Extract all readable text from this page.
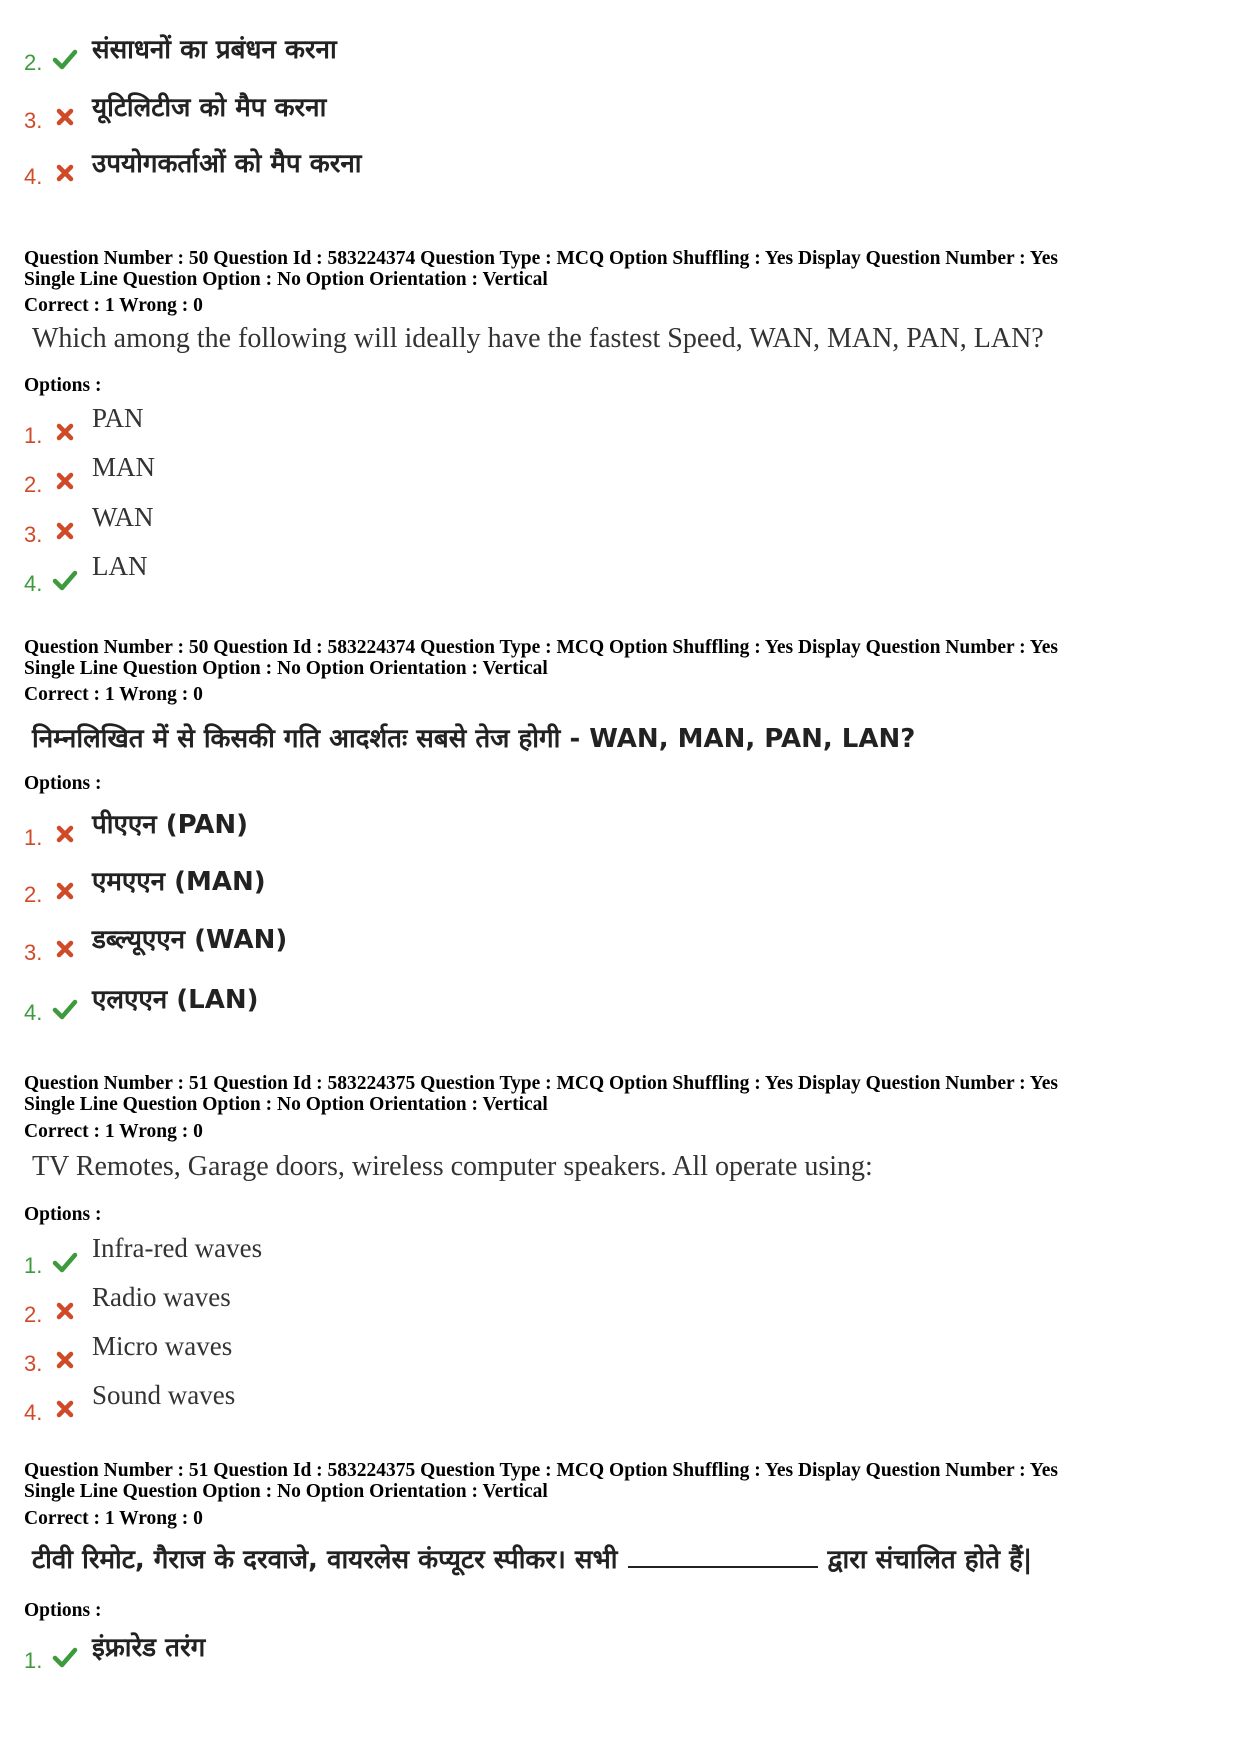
2. संसाधनों का प्रबंधन करना
3. यूटिलिटीज को मैप करना
4. उपयोगकर्ताओं को मैप करना
Question Number : 50 Question Id : 583224374 Question Type : MCQ Option Shuffling : Yes Display Question Number : Yes
Single Line Question Option : No Option Orientation : Vertical
Correct : 1 Wrong : 0
Which among the following will ideally have the fastest Speed, WAN, MAN, PAN, LAN?
Options :
1.
PAN
2.
MAN
3.
WAN
4.
LAN
Question Number : 50 Question Id : 583224374 Question Type : MCQ Option Shuffling : Yes Display Question Number : Yes
Single Line Question Option : No Option Orientation : Vertical
Correct : 1 Wrong : 0
निम्नलिखित में से किसकी गति आदर्शतः सबसे तेज होगी - WAN, MAN, PAN, LAN?
Options :
1. पीएएन (PAN)
2. एमएएन (MAN)
3. डब्ल्यूएएन (WAN)
4. एलएएन (LAN)
Question Number : 51 Question Id : 583224375 Question Type : MCQ Option Shuffling : Yes Display Question Number : Yes
Single Line Question Option : No Option Orientation : Vertical
Correct : 1 Wrong : 0
TV Remotes, Garage doors, wireless computer speakers. All operate using:
Options :
1.
Infra-red waves
2.
Radio waves
3.
Micro waves
4.
Sound waves
Question Number : 51 Question Id : 583224375 Question Type : MCQ Option Shuffling : Yes Display Question Number : Yes
Single Line Question Option : No Option Orientation : Vertical
Correct : 1 Wrong : 0
टीवी रिमोट, गैराज के दरवाजे, वायरलेस कंप्यूटर स्पीकर। सभी	द्वारा संचालित होते हैं|
Options :
1. इंफ्रारेड तरंग
